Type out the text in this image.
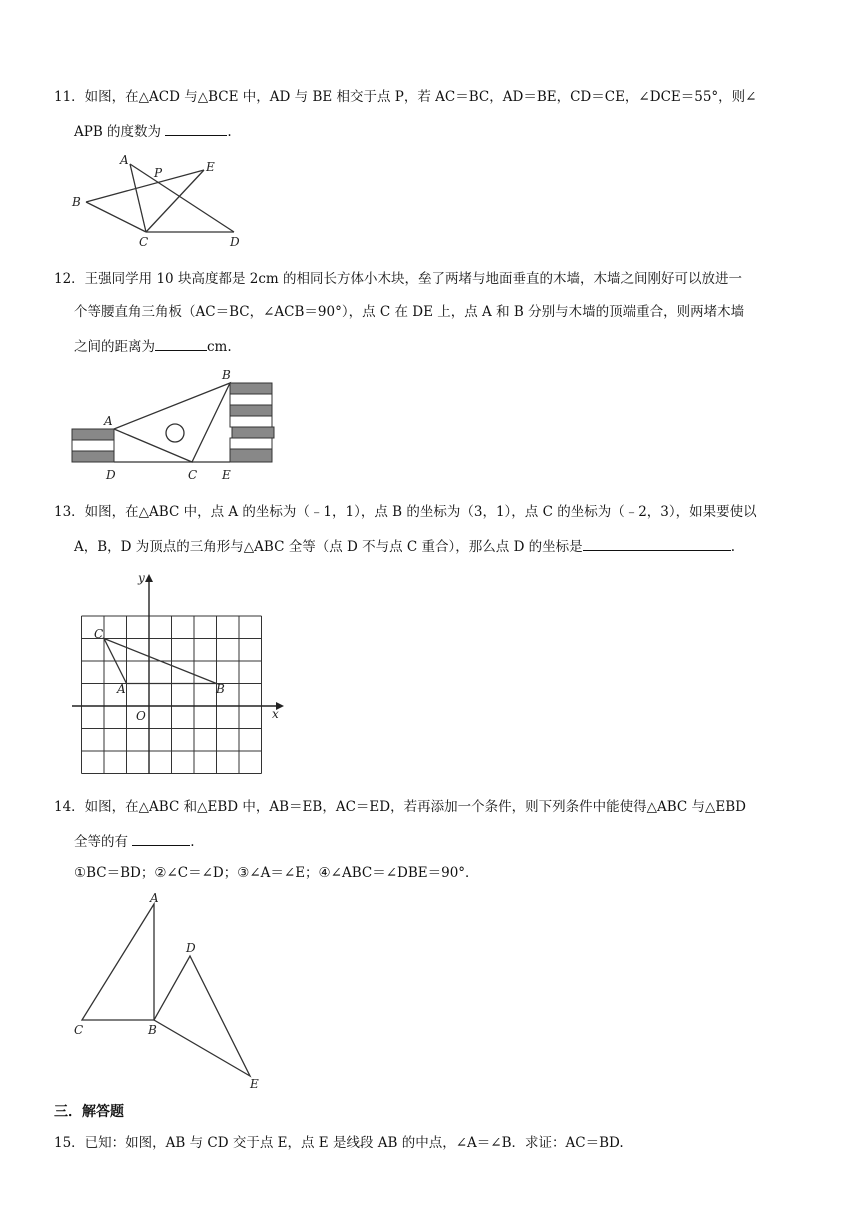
11．如图，在△ACD 与△BCE 中，AD 与 BE 相交于点 P，若 AC＝BC，AD＝BE，CD＝CE，∠DCE＝55°，则∠
APB 的度数为	.
A
P	E
B
C	D
12．王强同学用 10 块高度都是 2cm 的相同长方体小木块，垒了两堵与地面垂直的木墙，木墙之间刚好可以放进一
个等腰直角三角板（AC＝BC，∠ACB＝90°），点 C 在 DE 上，点 A 和 B 分别与木墙的顶端重合，则两堵木墙
之间的距离为	cm.
A
B
C
D	E
13．如图，在△ABC 中，点 A 的坐标为（﹣1，1），点 B 的坐标为（3，1），点 C 的坐标为（﹣2，3），如果要使以
A，B，D 为顶点的三角形与△ABC 全等（点 D 不与点 C 重合），那么点 D 的坐标是	.
y
x
O
A	B
C
14．如图，在△ABC 和△EBD 中，AB＝EB，AC＝ED，若再添加一个条件，则下列条件中能使得△ABC 与△EBD
全等的有	.
①BC＝BD；②∠C＝∠D；③∠A＝∠E；④∠ABC＝∠DBE＝90°．
A
D
C	B
E
三．解答题
15．已知：如图，AB 与 CD 交于点 E，点 E 是线段 AB 的中点，∠A＝∠B．求证：AC＝BD.
